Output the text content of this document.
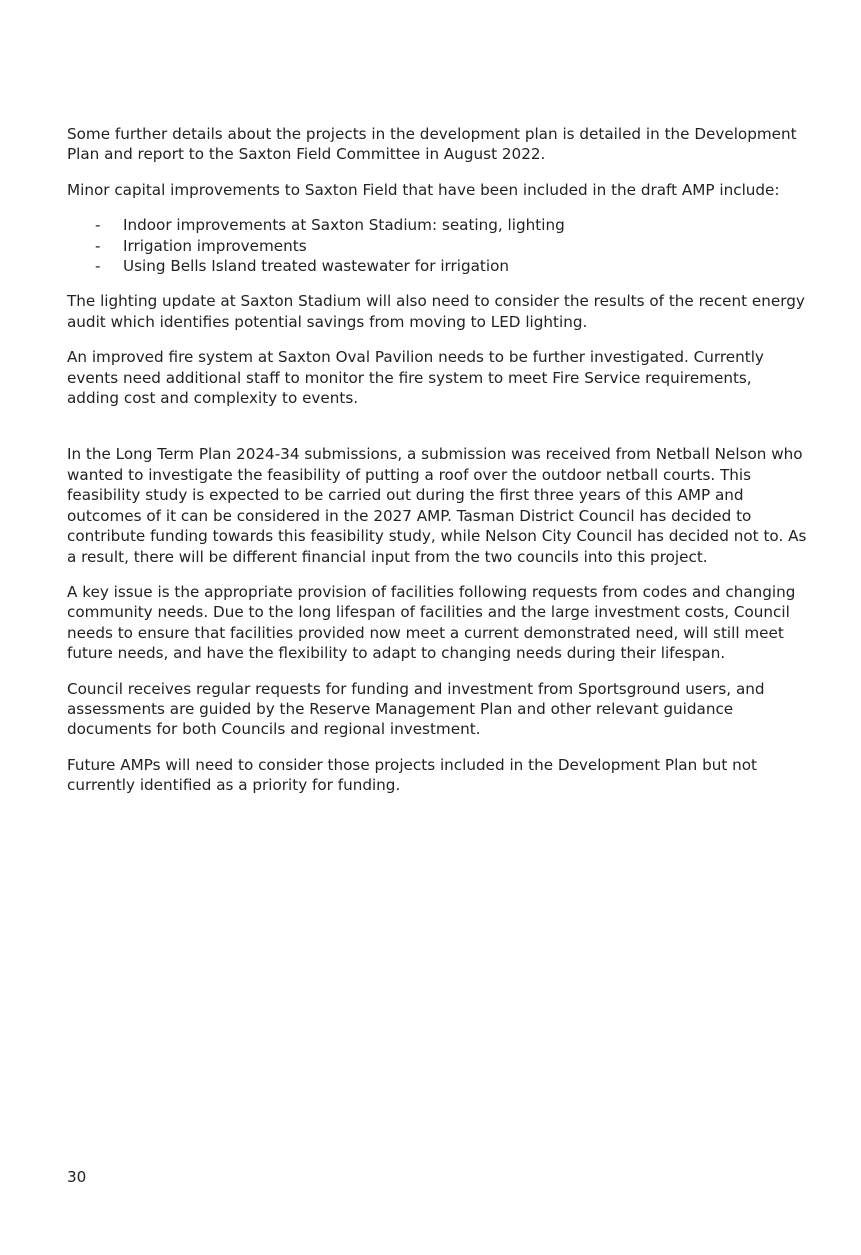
Some further details about the projects in the development plan is detailed in the Development Plan and report to the Saxton Field Committee in August 2022.

Minor capital improvements to Saxton Field that have been included in the draft AMP include:

-	Indoor improvements at Saxton Stadium: seating, lighting
-	Irrigation improvements
-	Using Bells Island treated wastewater for irrigation

The lighting update at Saxton Stadium will also need to consider the results of the recent energy audit which identifies potential savings from moving to LED lighting.

An improved fire system at Saxton Oval Pavilion needs to be further investigated. Currently events need additional staff to monitor the fire system to meet Fire Service requirements, adding cost and complexity to events.

In the Long Term Plan 2024-34 submissions, a submission was received from Netball Nelson who wanted to investigate the feasibility of putting a roof over the outdoor netball courts. This feasibility study is expected to be carried out during the first three years of this AMP and outcomes of it can be considered in the 2027 AMP. Tasman District Council has decided to contribute funding towards this feasibility study, while Nelson City Council has decided not to. As a result, there will be different financial input from the two councils into this project.

A key issue is the appropriate provision of facilities following requests from codes and changing community needs. Due to the long lifespan of facilities and the large investment costs, Council needs to ensure that facilities provided now meet a current demonstrated need, will still meet future needs, and have the flexibility to adapt to changing needs during their lifespan.

Council receives regular requests for funding and investment from Sportsground users, and assessments are guided by the Reserve Management Plan and other relevant guidance documents for both Councils and regional investment.

Future AMPs will need to consider those projects included in the Development Plan but not currently identified as a priority for funding.

30
